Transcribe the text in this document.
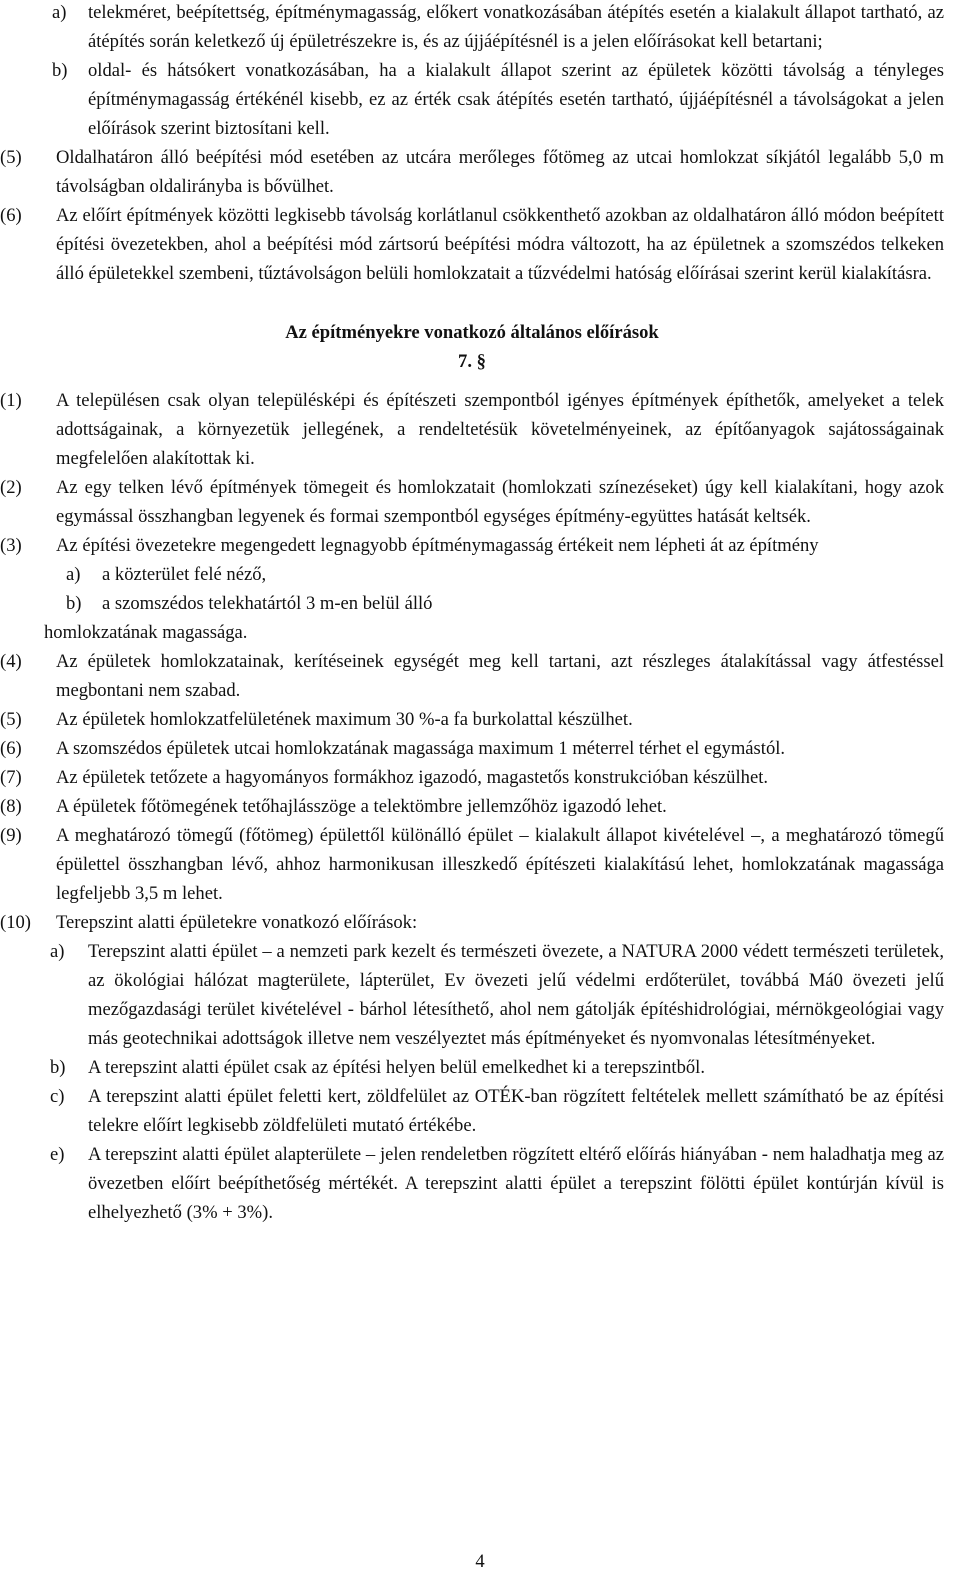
a)	telekméret, beépítettség, építménymagasság, előkert vonatkozásában átépítés esetén a kialakult állapot tartható, az átépítés során keletkező új épületrészekre is, és az újjáépítésnél is a jelen előírásokat kell betartani;
b)	oldal- és hátsókert vonatkozásában, ha a kialakult állapot szerint az épületek közötti távolság a tényleges építménymagasság értékénél kisebb, ez az érték csak átépítés esetén tartható, újjáépítésnél a távolságokat a jelen előírások szerint biztosítani kell.
(5)	Oldalhatáron álló beépítési mód esetében az utcára merőleges főtömeg az utcai homlokzat síkjától legalább 5,0 m távolságban oldalirányba is bővülhet.
(6)	Az előírt építmények közötti legkisebb távolság korlátlanul csökkenthető azokban az oldalhatáron álló módon beépített építési övezetekben, ahol a beépítési mód zártsorú beépítési módra változott, ha az épületnek a szomszédos telkeken álló épületekkel szembeni, tűztávolságon belüli homlokzatait a tűzvédelmi hatóság előírásai szerint kerül kialakításra.
Az építményekre vonatkozó általános előírások
7. §
(1)	A településen csak olyan településképi és építészeti szempontból igényes építmények építhetők, amelyeket a telek adottságainak, a környezetük jellegének, a rendeltetésük követelményeinek, az építőanyagok sajátosságainak megfelelően alakítottak ki.
(2)	Az egy telken lévő építmények tömegeit és homlokzatait (homlokzati színezéseket) úgy kell kialakítani, hogy azok egymással összhangban legyenek és formai szempontból egységes építmény-együttes hatását keltsék.
(3)	Az építési övezetekre megengedett legnagyobb építménymagasság értékeit nem lépheti át az építmény
a)	a közterület felé néző,
b)	a szomszédos telekhatártól 3 m-en belül álló
homlokzatának magassága.
(4)	Az épületek homlokzatainak, kerítéseinek egységét meg kell tartani, azt részleges átalakítással vagy átfestéssel megbontani nem szabad.
(5)	Az épületek homlokzatfelületének maximum 30 %-a fa burkolattal készülhet.
(6)	A szomszédos épületek utcai homlokzatának magassága maximum 1 méterrel térhet el egymástól.
(7)	Az épületek tetőzete a hagyományos formákhoz igazodó, magastetős konstrukcióban készülhet.
(8)	A épületek főtömegének tetőhajlásszöge a telektömbre jellemzőhöz igazodó lehet.
(9)	A meghatározó tömegű (főtömeg) épülettől különálló épület – kialakult állapot kivételével –, a meghatározó tömegű épülettel összhangban lévő, ahhoz harmonikusan illeszkedő építészeti kialakítású lehet, homlokzatának magassága legfeljebb 3,5 m lehet.
(10)	Terepszint alatti épületekre vonatkozó előírások:
a)	Terepszint alatti épület – a nemzeti park kezelt és természeti övezete, a NATURA 2000 védett természeti területek, az ökológiai hálózat magterülete, lápterület, Ev övezeti jelű védelmi erdőterület, továbbá Má0 övezeti jelű mezőgazdasági terület kivételével - bárhol létesíthető, ahol nem gátolják építéshidrológiai, mérnökgeológiai vagy más geotechnikai adottságok illetve nem veszélyeztet más építményeket és nyomvonalas létesítményeket.
b)	A terepszint alatti épület csak az építési helyen belül emelkedhet ki a terepszintből.
c)	A terepszint alatti épület feletti kert, zöldfelület az OTÉK-ban rögzített feltételek mellett számítható be az építési telekre előírt legkisebb zöldfelületi mutató értékébe.
e)	A terepszint alatti épület alapterülete – jelen rendeletben rögzített eltérő előírás hiányában - nem haladhatja meg az övezetben előírt beépíthetőség mértékét. A terepszint alatti épület a terepszint fölötti épület kontúrján kívül is elhelyezhető (3% + 3%).
4
